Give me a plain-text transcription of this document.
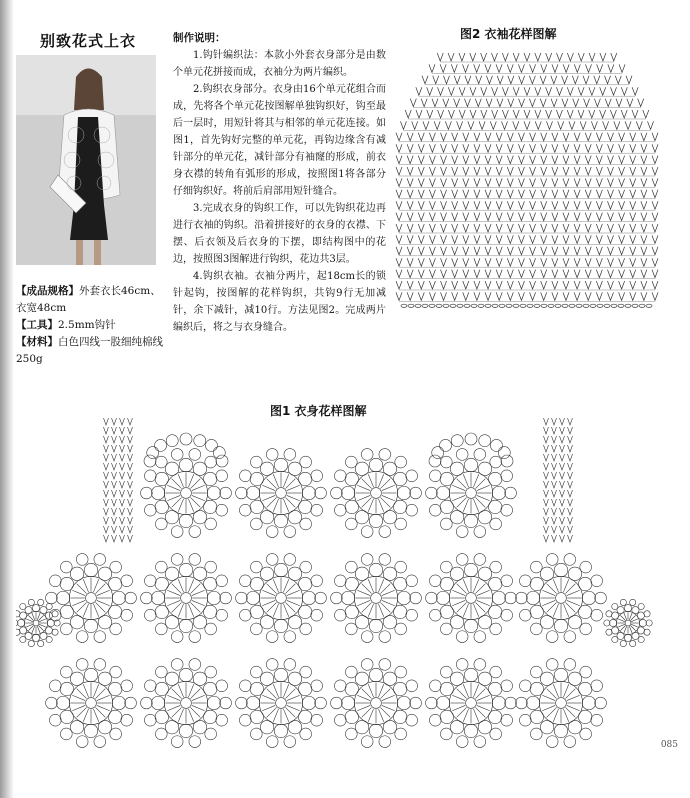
别致花式上衣
【成品规格】外套衣长46cm、衣宽48cm
【工具】2.5mm钩针
【材料】白色四线一股细纯棉线250g
制作说明：

1.钩针编织法：本款小外套衣身部分是由数个单元花拼接而成，衣袖分为两片编织。

2.钩织衣身部分。衣身由16个单元花组合而成，先将各个单元花按图解单独钩织好，钩至最后一层时，用短针将其与相邻的单元花连接。如图1，首先钩好完整的单元花，再钩边缘含有减针部分的单元花，减针部分有袖窿的形成，前衣身衣襟的转角有弧形的形成，按照图1将各部分仔细钩织好。将前后肩部用短针缝合。

3.完成衣身的钩织工作，可以先钩织花边再进行衣袖的钩织。沿着拼接好的衣身的衣襟、下摆、后衣领及后衣身的下摆，即结构图中的花边，按照图3图解进行钩织，花边共3层。

4.钩织衣袖。衣袖分两片，起18cm长的锁针起钩，按图解的花样钩织，共钩9行无加减针，余下减针，减10行。方法见图2。完成两片编织后，将之与衣身缝合。

图2 衣袖花样图解
图1 衣身花样图解
085
